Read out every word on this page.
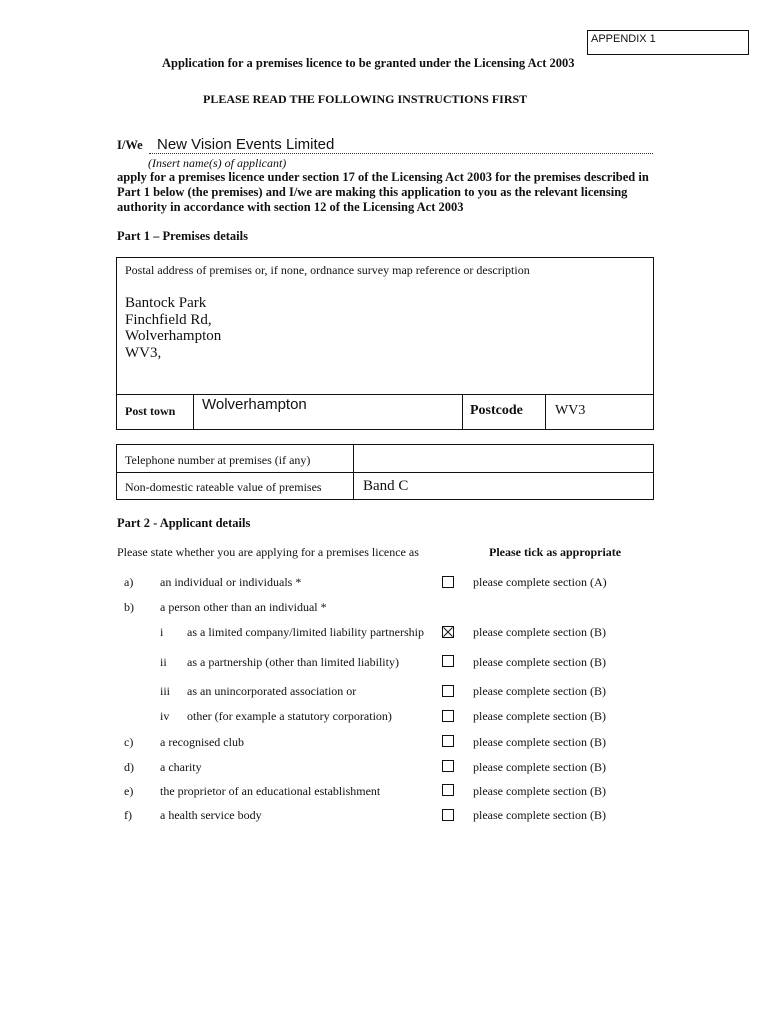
APPENDIX 1
Application for a premises licence to be granted under the Licensing Act 2003
PLEASE READ THE FOLLOWING INSTRUCTIONS FIRST
I/We New Vision Events Limited
(Insert name(s) of applicant)
apply for a premises licence under section 17 of the Licensing Act 2003 for the premises described in Part 1 below (the premises) and I/we are making this application to you as the relevant licensing authority in accordance with section 12 of the Licensing Act 2003
Part 1 – Premises details
Postal address of premises or, if none, ordnance survey map reference or description
Bantock Park
Finchfield Rd,
Wolverhampton
WV3,
Post town Wolverhampton	Postcode WV3
Telephone number at premises (if any)
Non-domestic rateable value of premises	Band C
Part 2 - Applicant details
Please state whether you are applying for a premises licence as	Please tick as appropriate
a) an individual or individuals *	please complete section (A)
b) a person other than an individual *
i as a limited company/limited liability partnership	please complete section (B)
ii as a partnership (other than limited liability)	please complete section (B)
iii as an unincorporated association or	please complete section (B)
iv other (for example a statutory corporation)	please complete section (B)
c) a recognised club	please complete section (B)
d) a charity	please complete section (B)
e) the proprietor of an educational establishment	please complete section (B)
f) a health service body	please complete section (B)
